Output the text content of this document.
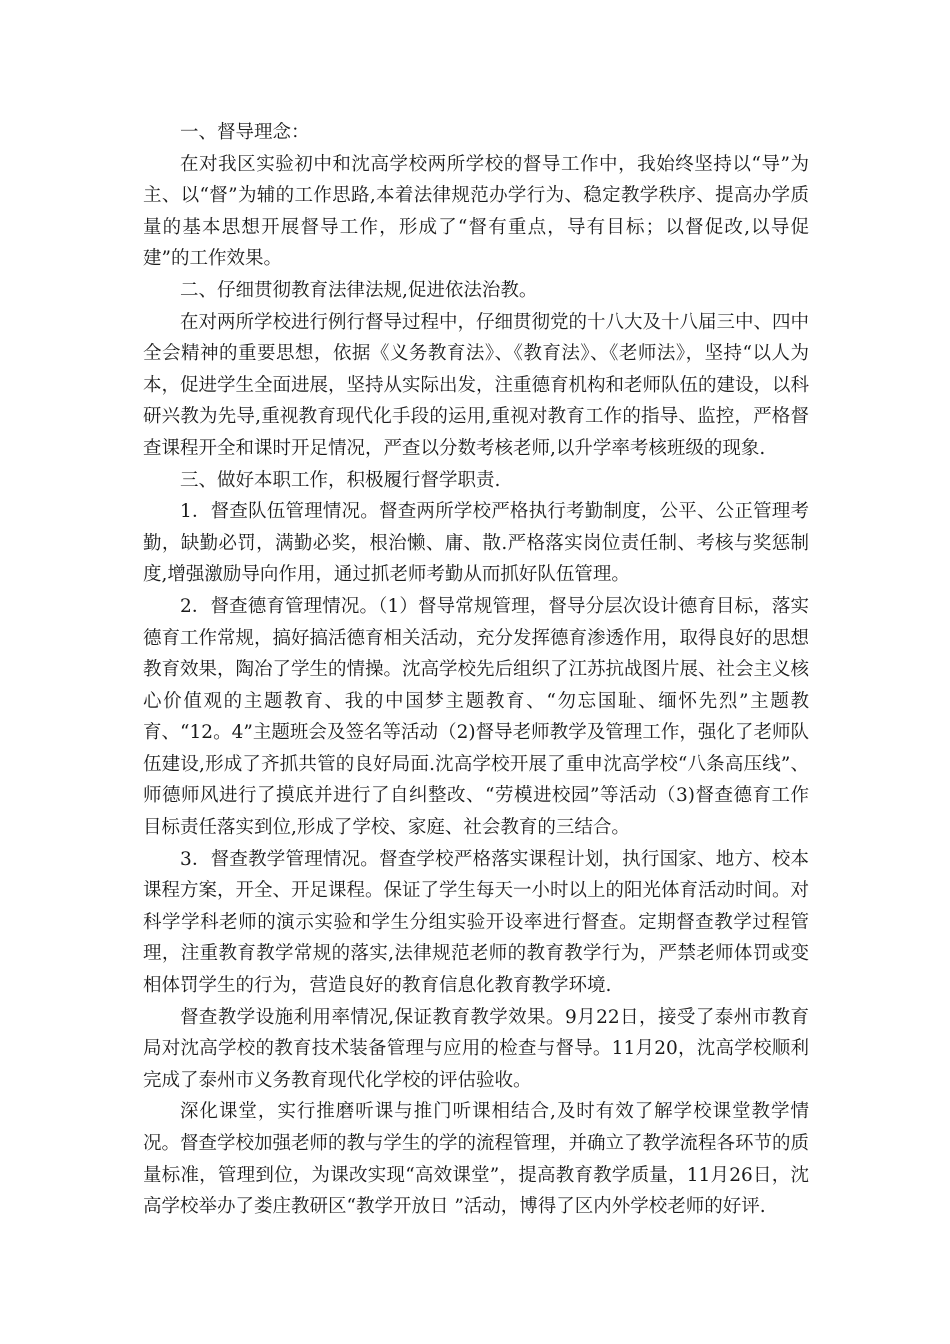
一、督导理念：

在对我区实验初中和沈高学校两所学校的督导工作中，我始终坚持以“导”为主、以“督”为辅的工作思路,本着法律规范办学行为、稳定教学秩序、提高办学质量的基本思想开展督导工作，形成了“督有重点，导有目标；以督促改,以导促建”的工作效果。

二、仔细贯彻教育法律法规,促进依法治教。

在对两所学校进行例行督导过程中，仔细贯彻党的十八大及十八届三中、四中全会精神的重要思想，依据《义务教育法》、《教育法》、《老师法》，坚持“以人为本，促进学生全面进展，坚持从实际出发，注重德育机构和老师队伍的建设，以科研兴教为先导,重视教育现代化手段的运用,重视对教育工作的指导、监控，严格督查课程开全和课时开足情况，严查以分数考核老师,以升学率考核班级的现象.

三、做好本职工作，积极履行督学职责.

1．督查队伍管理情况。督查两所学校严格执行考勤制度，公平、公正管理考勤，缺勤必罚，满勤必奖，根治懒、庸、散.严格落实岗位责任制、考核与奖惩制度,增强激励导向作用，通过抓老师考勤从而抓好队伍管理。

2．督查德育管理情况。（1）督导常规管理，督导分层次设计德育目标，落实德育工作常规，搞好搞活德育相关活动，充分发挥德育渗透作用，取得良好的思想教育效果，陶冶了学生的情操。沈高学校先后组织了江苏抗战图片展、社会主义核心价值观的主题教育、我的中国梦主题教育、“勿忘国耻、缅怀先烈”主题教育、“12。4”主题班会及签名等活动（2)督导老师教学及管理工作，强化了老师队伍建设,形成了齐抓共管的良好局面.沈高学校开展了重申沈高学校“八条高压线”、师德师风进行了摸底并进行了自纠整改、“劳模进校园”等活动（3)督查德育工作目标责任落实到位,形成了学校、家庭、社会教育的三结合。

3．督查教学管理情况。督查学校严格落实课程计划，执行国家、地方、校本课程方案，开全、开足课程。保证了学生每天一小时以上的阳光体育活动时间。对科学学科老师的演示实验和学生分组实验开设率进行督查。定期督查教学过程管理，注重教育教学常规的落实,法律规范老师的教育教学行为，严禁老师体罚或变相体罚学生的行为，营造良好的教育信息化教育教学环境.

督查教学设施利用率情况,保证教育教学效果。9月22日，接受了泰州市教育局对沈高学校的教育技术装备管理与应用的检查与督导。11月20，沈高学校顺利完成了泰州市义务教育现代化学校的评估验收。

深化课堂，实行推磨听课与推门听课相结合,及时有效了解学校课堂教学情况。督查学校加强老师的教与学生的学的流程管理，并确立了教学流程各环节的质量标准，管理到位，为课改实现“高效课堂”，提高教育教学质量，11月26日，沈高学校举办了娄庄教研区“教学开放日 ”活动，博得了区内外学校老师的好评.
